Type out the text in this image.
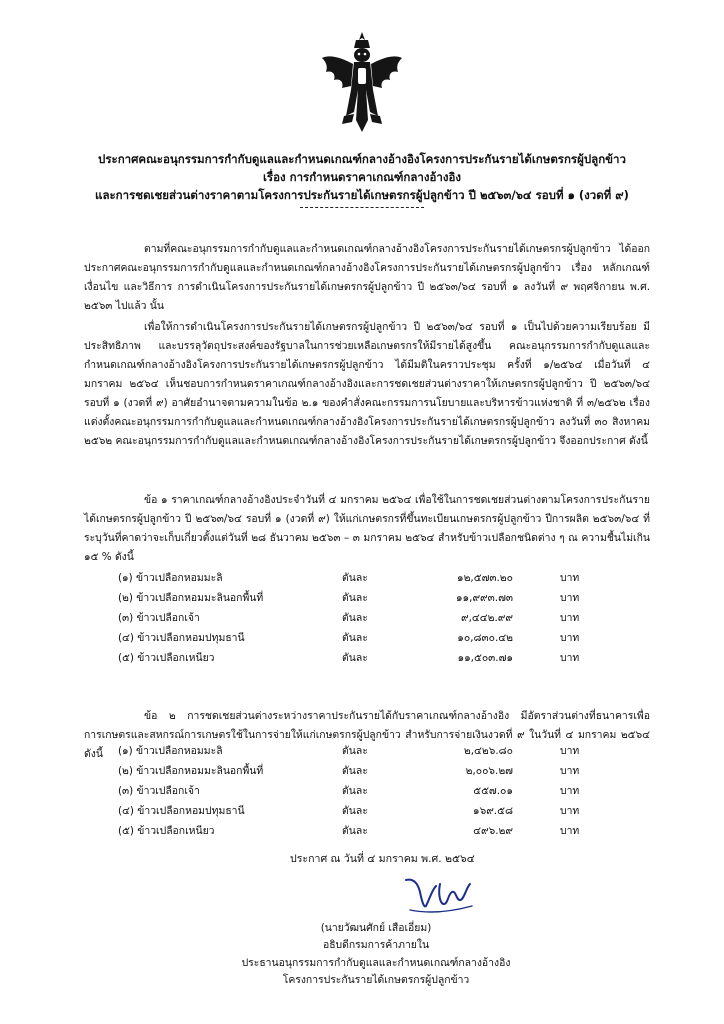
ประกาศคณะอนุกรรมการกำกับดูแลและกำหนดเกณฑ์กลางอ้างอิงโครงการประกันรายได้เกษตรกรผู้ปลูกข้าว
เรื่อง การกำหนดราคาเกณฑ์กลางอ้างอิง
และการชดเชยส่วนต่างราคาตามโครงการประกันรายได้เกษตรกรผู้ปลูกข้าว ปี ๒๕๖๓/๖๔ รอบที่ ๑ (งวดที่ ๙)
ตามที่คณะอนุกรรมการกำกับดูแลและกำหนดเกณฑ์กลางอ้างอิงโครงการประกันรายได้เกษตรกรผู้ปลูกข้าว ได้ออกประกาศคณะอนุกรรมการกำกับดูแลและกำหนดเกณฑ์กลางอ้างอิงโครงการประกันรายได้เกษตรกรผู้ปลูกข้าว เรื่อง หลักเกณฑ์ เงื่อนไข และวิธีการ การดำเนินโครงการประกันรายได้เกษตรกรผู้ปลูกข้าว ปี ๒๕๖๓/๖๔ รอบที่ ๑ ลงวันที่ ๙ พฤศจิกายน พ.ศ. ๒๕๖๓ ไปแล้ว นั้น
เพื่อให้การดำเนินโครงการประกันรายได้เกษตรกรผู้ปลูกข้าว ปี ๒๕๖๓/๖๔ รอบที่ ๑ เป็นไปด้วยความเรียบร้อย มีประสิทธิภาพ และบรรลุวัตถุประสงค์ของรัฐบาลในการช่วยเหลือเกษตรกรให้มีรายได้สูงขึ้น คณะอนุกรรมการกำกับดูแลและกำหนดเกณฑ์กลางอ้างอิงโครงการประกันรายได้เกษตรกรผู้ปลูกข้าว ได้มีมติในคราวประชุม ครั้งที่ ๑/๒๕๖๔ เมื่อวันที่ ๔ มกราคม ๒๕๖๔ เห็นชอบการกำหนดราคาเกณฑ์กลางอ้างอิงและการชดเชยส่วนต่างราคาให้เกษตรกรผู้ปลูกข้าว ปี ๒๕๖๓/๖๔ รอบที่ ๑ (งวดที่ ๙) อาศัยอำนาจตามความในข้อ ๒.๑ ของคำสั่งคณะกรรมการนโยบายและบริหารข้าวแห่งชาติ ที่ ๓/๒๕๖๒ เรื่อง แต่งตั้งคณะอนุกรรมการกำกับดูแลและกำหนดเกณฑ์กลางอ้างอิงโครงการประกันรายได้เกษตรกรผู้ปลูกข้าว ลงวันที่ ๓๐ สิงหาคม ๒๕๖๒ คณะอนุกรรมการกำกับดูแลและกำหนดเกณฑ์กลางอ้างอิงโครงการประกันรายได้เกษตรกรผู้ปลูกข้าว จึงออกประกาศ ดังนี้
ข้อ ๑ ราคาเกณฑ์กลางอ้างอิงประจำวันที่ ๔ มกราคม ๒๕๖๔ เพื่อใช้ในการชดเชยส่วนต่างตามโครงการประกันรายได้เกษตรกรผู้ปลูกข้าว ปี ๒๕๖๓/๖๔ รอบที่ ๑ (งวดที่ ๙) ให้แก่เกษตรกรที่ขึ้นทะเบียนเกษตรกรผู้ปลูกข้าว ปีการผลิต ๒๕๖๓/๖๔ ที่ระบุวันที่คาดว่าจะเก็บเกี่ยวตั้งแต่วันที่ ๒๘ ธันวาคม ๒๕๖๓ – ๓ มกราคม ๒๕๖๔ สำหรับข้าวเปลือกชนิดต่าง ๆ ณ ความชื้นไม่เกิน ๑๕ % ดังนี้
(๑) ข้าวเปลือกหอมมะลิ	ตันละ	๑๒,๕๗๓.๒๐	บาท
(๒) ข้าวเปลือกหอมมะลินอกพื้นที่	ตันละ	๑๑,๙๙๓.๗๓	บาท
(๓) ข้าวเปลือกเจ้า	ตันละ	๙,๔๔๒.๙๙	บาท
(๔) ข้าวเปลือกหอมปทุมธานี	ตันละ	๑๐,๘๓๐.๔๒	บาท
(๕) ข้าวเปลือกเหนียว	ตันละ	๑๑,๕๐๓.๗๑	บาท
ข้อ ๒ การชดเชยส่วนต่างระหว่างราคาประกันรายได้กับราคาเกณฑ์กลางอ้างอิง มีอัตราส่วนต่างที่ธนาคารเพื่อการเกษตรและสหกรณ์การเกษตรใช้ในการจ่ายให้แก่เกษตรกรผู้ปลูกข้าว สำหรับการจ่ายเงินงวดที่ ๙ ในวันที่ ๔ มกราคม ๒๕๖๔ ดังนี้	(๑) ข้าวเปลือกหอมมะลิ	ตันละ	๒,๔๒๖.๘๐	บาท
(๒) ข้าวเปลือกหอมมะลินอกพื้นที่	ตันละ	๒,๐๐๖.๒๗	บาท
(๓) ข้าวเปลือกเจ้า	ตันละ	๕๕๗.๐๑	บาท
(๔) ข้าวเปลือกหอมปทุมธานี	ตันละ	๑๖๙.๕๘	บาท
(๕) ข้าวเปลือกเหนียว	ตันละ	๔๙๖.๒๙	บาท
ประกาศ ณ วันที่ ๔ มกราคม พ.ศ. ๒๕๖๔
(นายวัฒนศักย์ เสือเอี่ยม)
อธิบดีกรมการค้าภายใน
ประธานอนุกรรมการกำกับดูแลและกำหนดเกณฑ์กลางอ้างอิง
โครงการประกันรายได้เกษตรกรผู้ปลูกข้าว
